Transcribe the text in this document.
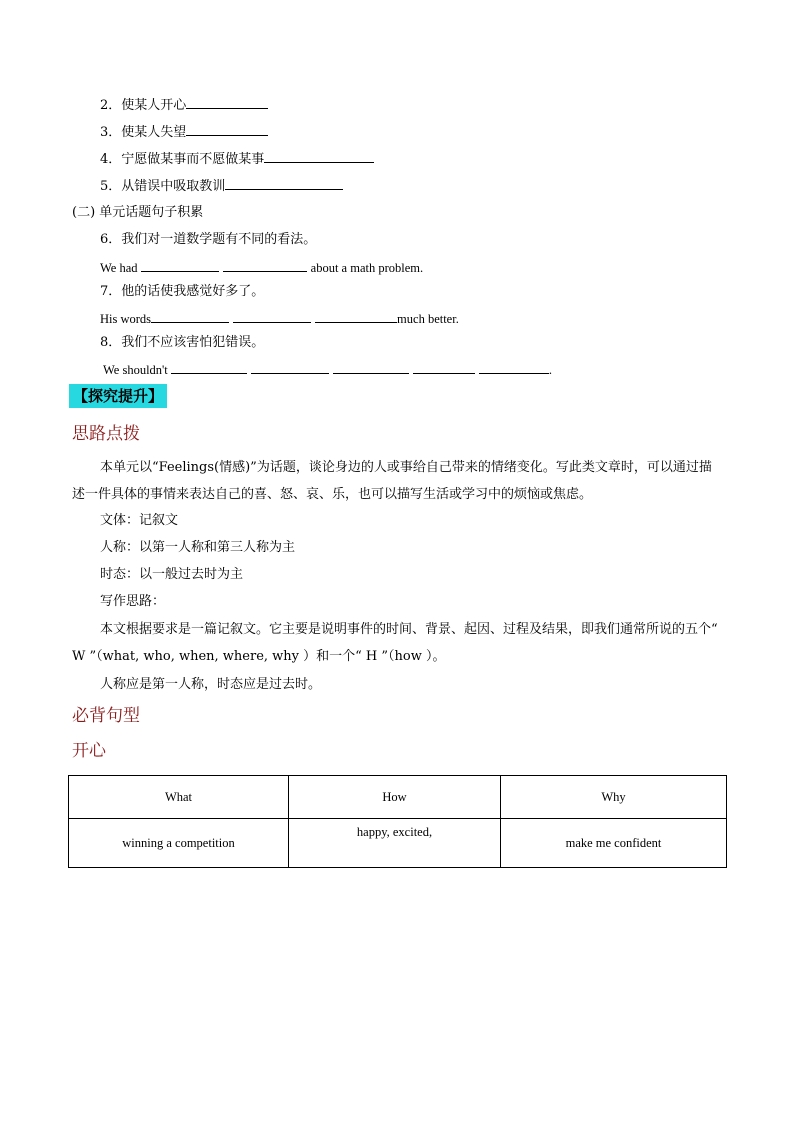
2．使某人开心
3．使某人失望
4．宁愿做某事而不愿做某事
5．从错误中吸取教训
(二) 单元话题句子积累
6．我们对一道数学题有不同的看法。
We had	about a math problem.
7．他的话使我感觉好多了。
His words	much better.
8．我们不应该害怕犯错误。
We shouldn't	.
【探究提升】
思路点拨
本单元以“Feelings(情感)”为话题，谈论身边的人或事给自己带来的情绪变化。写此类文章时，可以通过描述一件具体的事情来表达自己的喜、怒、哀、乐，也可以描写生活或学习中的烦恼或焦虑。
文体：记叙文
人称：以第一人称和第三人称为主
时态：以一般过去时为主
写作思路：
本文根据要求是一篇记叙文。它主要是说明事件的时间、背景、起因、过程及结果，即我们通常所说的五个“ W ”（what, who, when, where, why ）和一个“ H ”（how ）。
人称应是第一人称，时态应是过去时。
必背句型
开心
What	How	Why
winning a competition	happy, excited,	make me confident
